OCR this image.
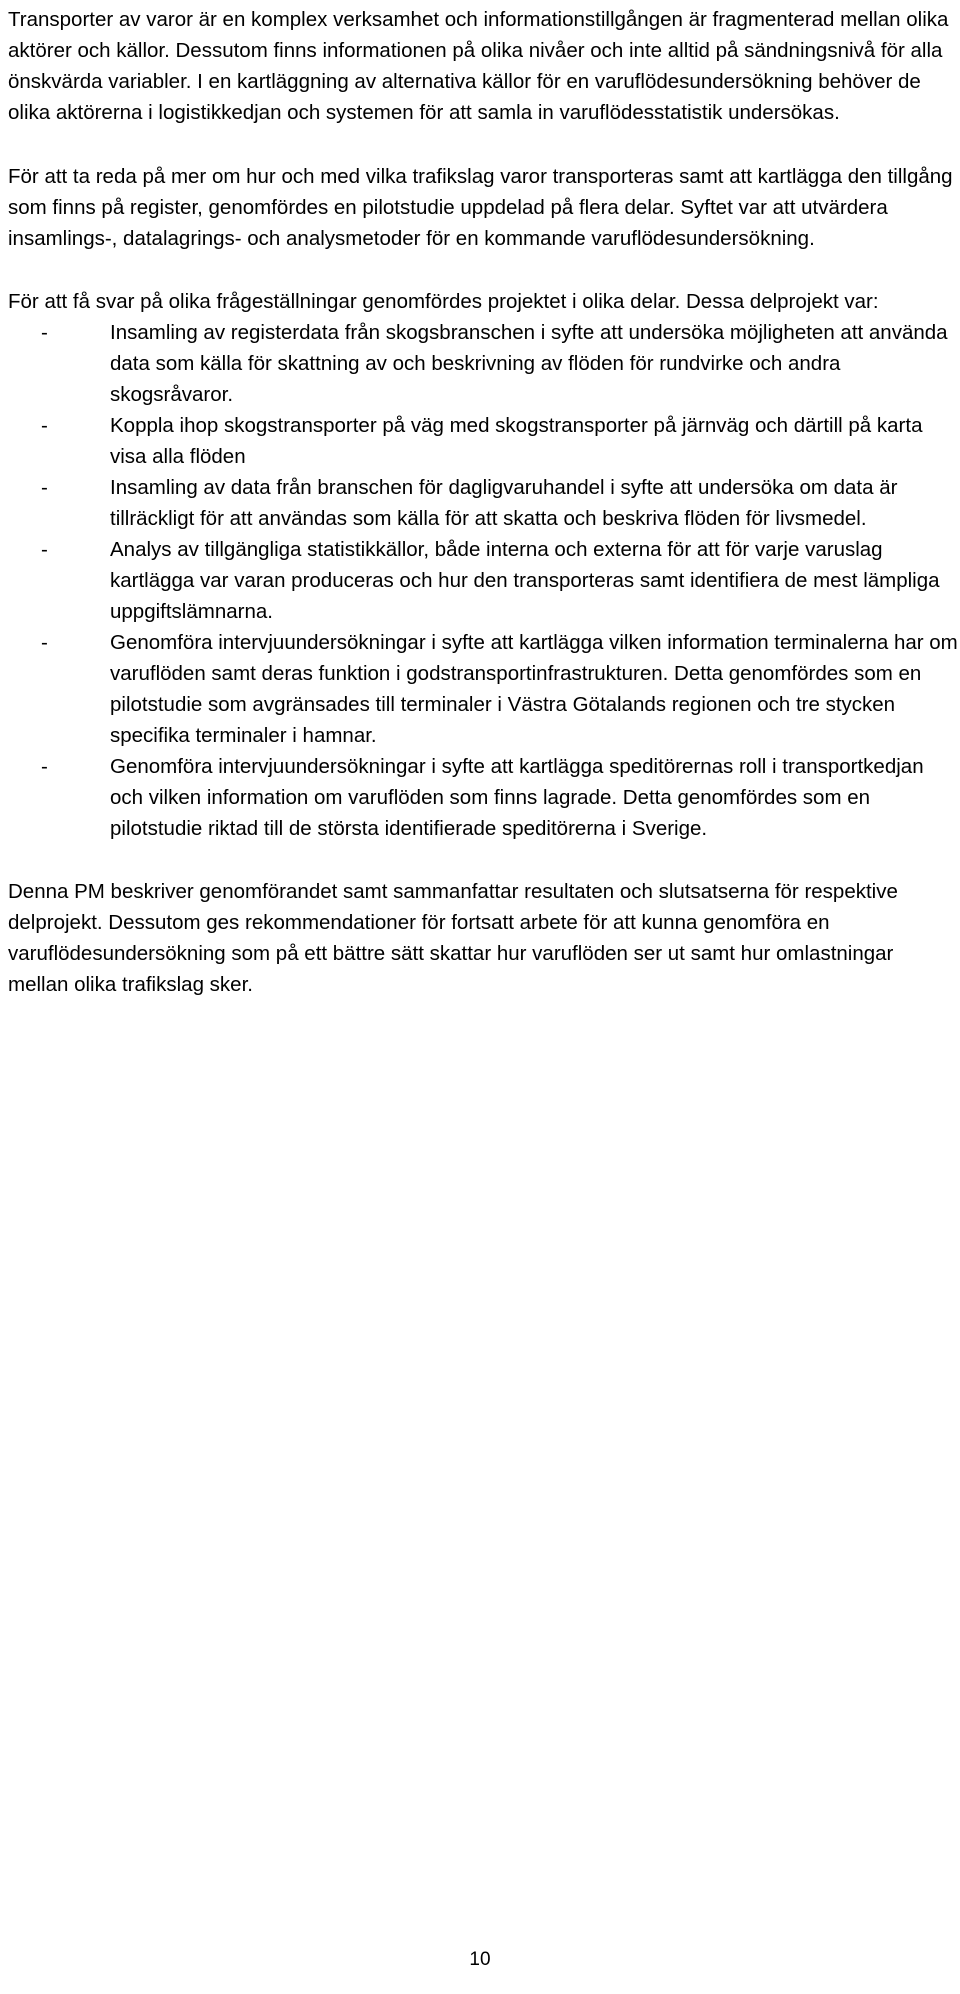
Transporter av varor är en komplex verksamhet och informationstillgången är fragmenterad mellan olika aktörer och källor. Dessutom finns informationen på olika nivåer och inte alltid på sändningsnivå för alla önskvärda variabler. I en kartläggning av alternativa källor för en varuflödesundersökning behöver de olika aktörerna i logistikkedjan och systemen för att samla in varuflödesstatistik undersökas.

För att ta reda på mer om hur och med vilka trafikslag varor transporteras samt att kartlägga den tillgång som finns på register, genomfördes en pilotstudie uppdelad på flera delar. Syftet var att utvärdera insamlings-, datalagrings- och analysmetoder för en kommande varuflödesundersökning.

För att få svar på olika frågeställningar genomfördes projektet i olika delar. Dessa delprojekt var:

-	Insamling av registerdata från skogsbranschen i syfte att undersöka möjligheten att använda data som källa för skattning av och beskrivning av flöden för rundvirke och andra skogsråvaror.
-	Koppla ihop skogstransporter på väg med skogstransporter på järnväg och därtill på karta visa alla flöden
-	Insamling av data från branschen för dagligvaruhandel i syfte att undersöka om data är tillräckligt för att användas som källa för att skatta och beskriva flöden för livsmedel.
-	Analys av tillgängliga statistikkällor, både interna och externa för att för varje varuslag kartlägga var varan produceras och hur den transporteras samt identifiera de mest lämpliga uppgiftslämnarna.
-	Genomföra intervjuundersökningar i syfte att kartlägga vilken information terminalerna har om varuflöden samt deras funktion i godstransportinfrastrukturen. Detta genomfördes som en pilotstudie som avgränsades till terminaler i Västra Götalands regionen och tre stycken specifika terminaler i hamnar.
-	Genomföra intervjuundersökningar i syfte att kartlägga speditörernas roll i transportkedjan och vilken information om varuflöden som finns lagrade. Detta genomfördes som en pilotstudie riktad till de största identifierade speditörerna i Sverige.

Denna PM beskriver genomförandet samt sammanfattar resultaten och slutsatserna för respektive delprojekt. Dessutom ges rekommendationer för fortsatt arbete för att kunna genomföra en varuflödesundersökning som på ett bättre sätt skattar hur varuflöden ser ut samt hur omlastningar mellan olika trafikslag sker.

10
